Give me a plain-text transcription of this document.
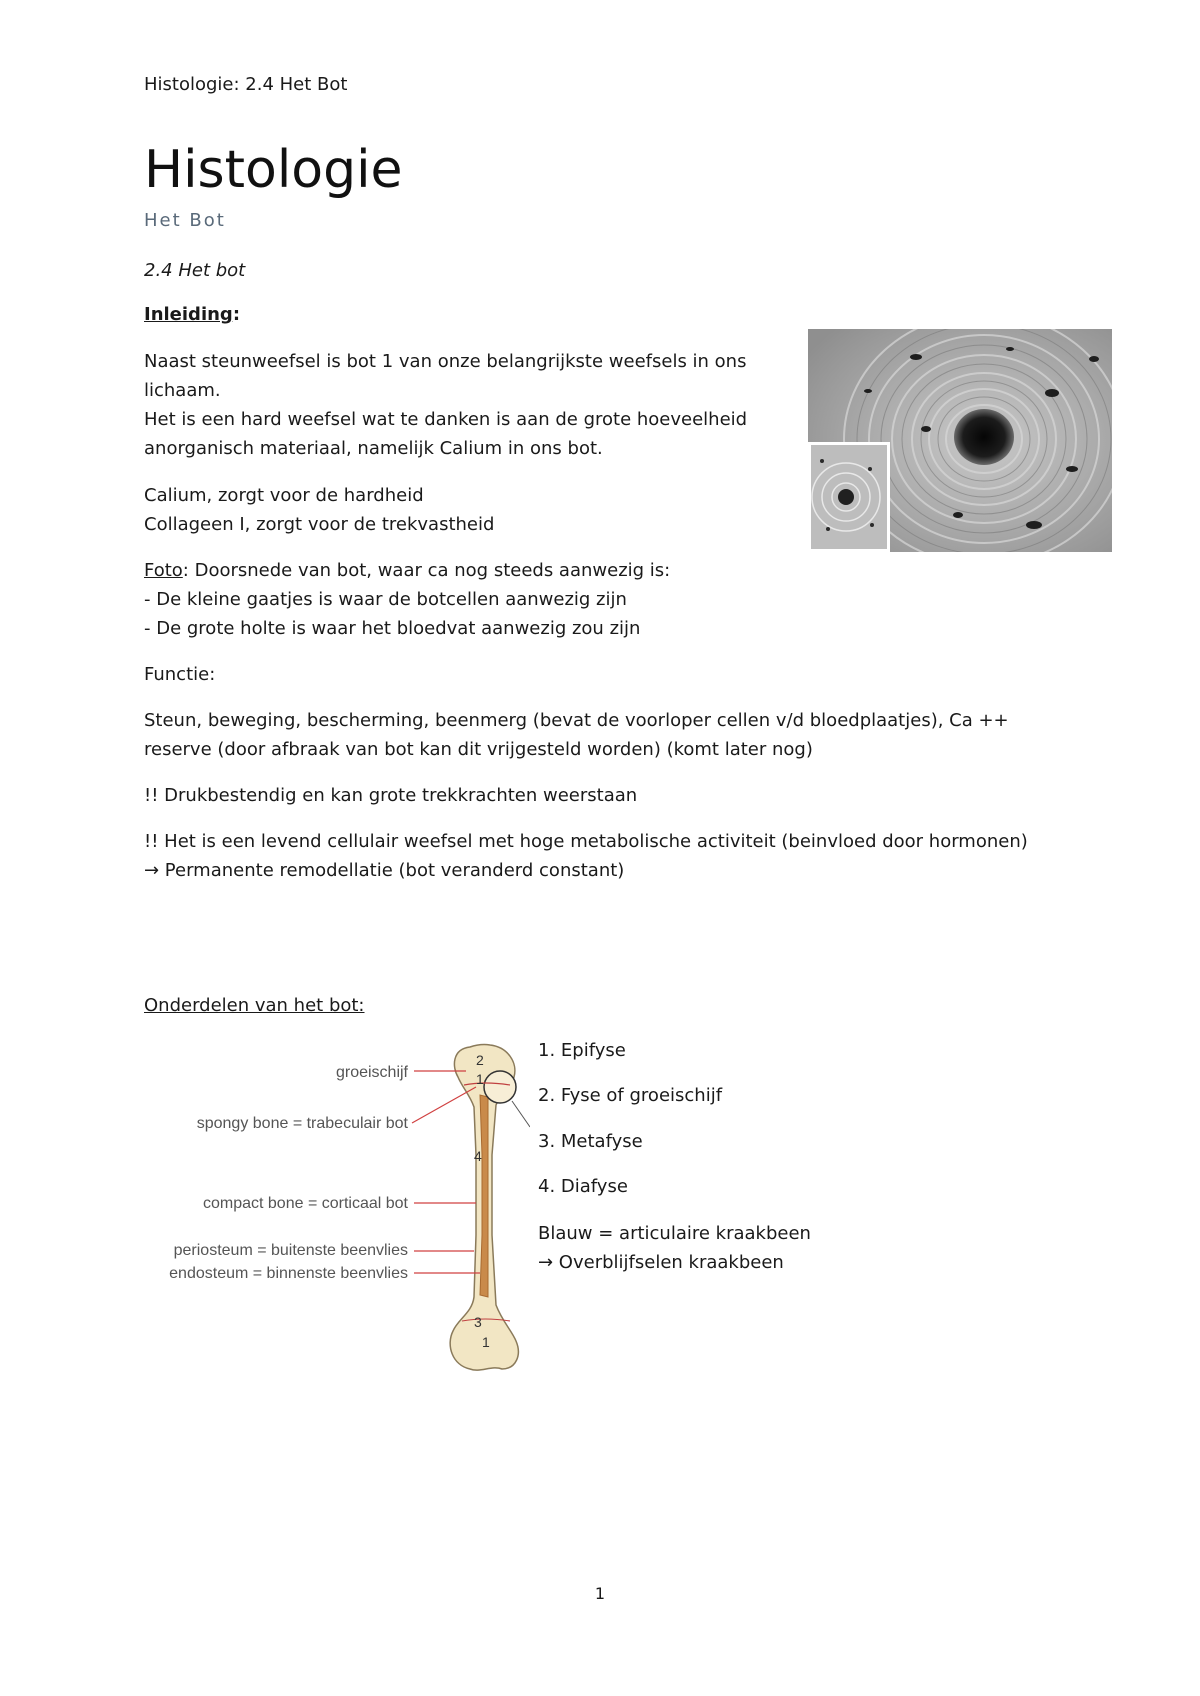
Histologie: 2.4 Het Bot
Histologie
Het Bot
2.4 Het bot
Inleiding:
Naast steunweefsel is bot 1 van onze belangrijkste weefsels in ons
lichaam.
Het is een hard weefsel wat te danken is aan de grote hoeveelheid
anorganisch materiaal, namelijk Calium in ons bot.
Calium, zorgt voor de hardheid
Collageen I, zorgt voor de trekvastheid
Foto: Doorsnede van bot, waar ca nog steeds aanwezig is:
- De kleine gaatjes is waar de botcellen aanwezig zijn
- De grote holte is waar het bloedvat aanwezig zou zijn
Functie:
Steun, beweging, bescherming, beenmerg (bevat de voorloper cellen v/d bloedplaatjes), Ca ++
reserve (door afbraak van bot kan dit vrijgesteld worden) (komt later nog)
!! Drukbestendig en kan grote trekkrachten weerstaan
!! Het is een levend cellulair weefsel met hoge metabolische activiteit (beinvloed door hormonen)
→ Permanente remodellatie (bot veranderd constant)
Onderdelen van het bot:
groeischijf
spongy bone = trabeculair bot
compact bone = corticaal bot
periosteum = buitenste beenvlies
endosteum = binnenste beenvlies
2
1
4
3
1
1. Epifyse
2. Fyse of groeischijf
3. Metafyse
4. Diafyse
Blauw = articulaire kraakbeen
→ Overblijfselen kraakbeen
1
